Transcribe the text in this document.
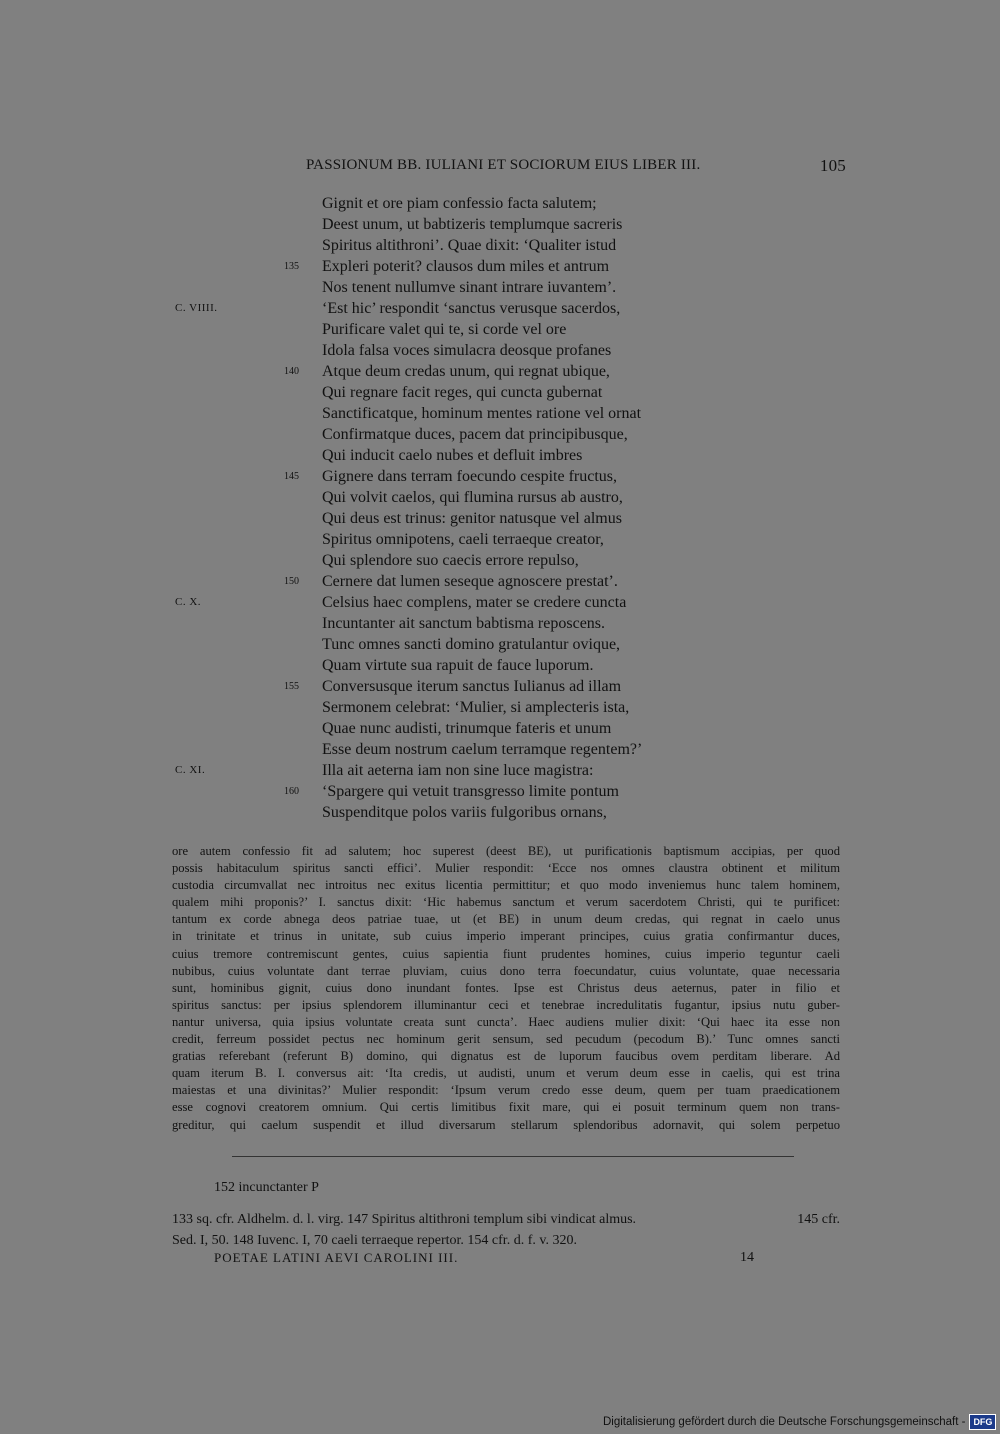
PASSIONUM BB. IULIANI ET SOCIORUM EIUS LIBER III.	105
Gignit et ore piam confessio facta salutem;
Deest unum, ut babtizeris templumque sacreris
Spiritus altithroni’. Quae dixit: ‘Qualiter istud
Expleri poterit? clausos dum miles et antrum
135
Nos tenent nullumve sinant intrare iuvantem’.
‘Est hic’ respondit ‘sanctus verusque sacerdos,
C. VIIII.
Purificare valet qui te, si corde vel ore
Idola falsa voces simulacra deosque profanes
Atque deum credas unum, qui regnat ubique,
140
Qui regnare facit reges, qui cuncta gubernat
Sanctificatque, hominum mentes ratione vel ornat
Confirmatque duces, pacem dat principibusque,
Qui inducit caelo nubes et defluit imbres
Gignere dans terram foecundo cespite fructus,
145
Qui volvit caelos, qui flumina rursus ab austro,
Qui deus est trinus: genitor natusque vel almus
Spiritus omnipotens, caeli terraeque creator,
Qui splendore suo caecis errore repulso,
Cernere dat lumen seseque agnoscere prestat’.
150
Celsius haec complens, mater se credere cuncta
C. X.
Incuntanter ait sanctum babtisma reposcens.
Tunc omnes sancti domino gratulantur ovique,
Quam virtute sua rapuit de fauce luporum.
Conversusque iterum sanctus Iulianus ad illam
155
Sermonem celebrat: ‘Mulier, si amplecteris ista,
Quae nunc audisti, trinumque fateris et unum
Esse deum nostrum caelum terramque regentem?’
Illa ait aeterna iam non sine luce magistra:
C. XI.
‘Spargere qui vetuit transgresso limite pontum
160
Suspenditque polos variis fulgoribus ornans,
ore autem confessio fit ad salutem; hoc superest (deest BE), ut purificationis baptismum accipias, per quod
possis habitaculum spiritus sancti effici’. Mulier respondit: ‘Ecce nos omnes claustra obtinent et militum
custodia circumvallat nec introitus nec exitus licentia permittitur; et quo modo inveniemus hunc talem hominem,
qualem mihi proponis?’ I. sanctus dixit: ‘Hic habemus sanctum et verum sacerdotem Christi, qui te purificet:
tantum ex corde abnega deos patriae tuae, ut (et BE) in unum deum credas, qui regnat in caelo unus
in trinitate et trinus in unitate, sub cuius imperio imperant principes, cuius gratia confirmantur duces,
cuius tremore contremiscunt gentes, cuius sapientia fiunt prudentes homines, cuius imperio teguntur caeli
nubibus, cuius voluntate dant terrae pluviam, cuius dono terra foecundatur, cuius voluntate, quae necessaria
sunt, hominibus gignit, cuius dono inundant fontes. Ipse est Christus deus aeternus, pater in filio et
spiritus sanctus: per ipsius splendorem illuminantur ceci et tenebrae incredulitatis fugantur, ipsius nutu guber-
nantur universa, quia ipsius voluntate creata sunt cuncta’. Haec audiens mulier dixit: ‘Qui haec ita esse non
credit, ferreum possidet pectus nec hominum gerit sensum, sed pecudum (pecodum B).’ Tunc omnes sancti
gratias referebant (referunt B) domino, qui dignatus est de luporum faucibus ovem perditam liberare. Ad
quam iterum B. I. conversus ait: ‘Ita credis, ut audisti, unum et verum deum esse in caelis, qui est trina
maiestas et una divinitas?’ Mulier respondit: ‘Ipsum verum credo esse deum, quem per tuam praedicationem
esse cognovi creatorem omnium. Qui certis limitibus fixit mare, qui ei posuit terminum quem non trans-
greditur, qui caelum suspendit et illud diversarum stellarum splendoribus adornavit, qui solem perpetuo
152 incunctanter P
133 sq. cfr. Aldhelm. d. l. virg. 147 Spiritus altithroni templum sibi vindicat almus.	145 cfr.
Sed. I, 50. 148 Iuvenc. I, 70 caeli terraeque repertor. 154 cfr. d. f. v. 320.
POETAE LATINI AEVI CAROLINI III.	14
Digitalisierung gefördert durch die Deutsche Forschungsgemeinschaft - DFG
